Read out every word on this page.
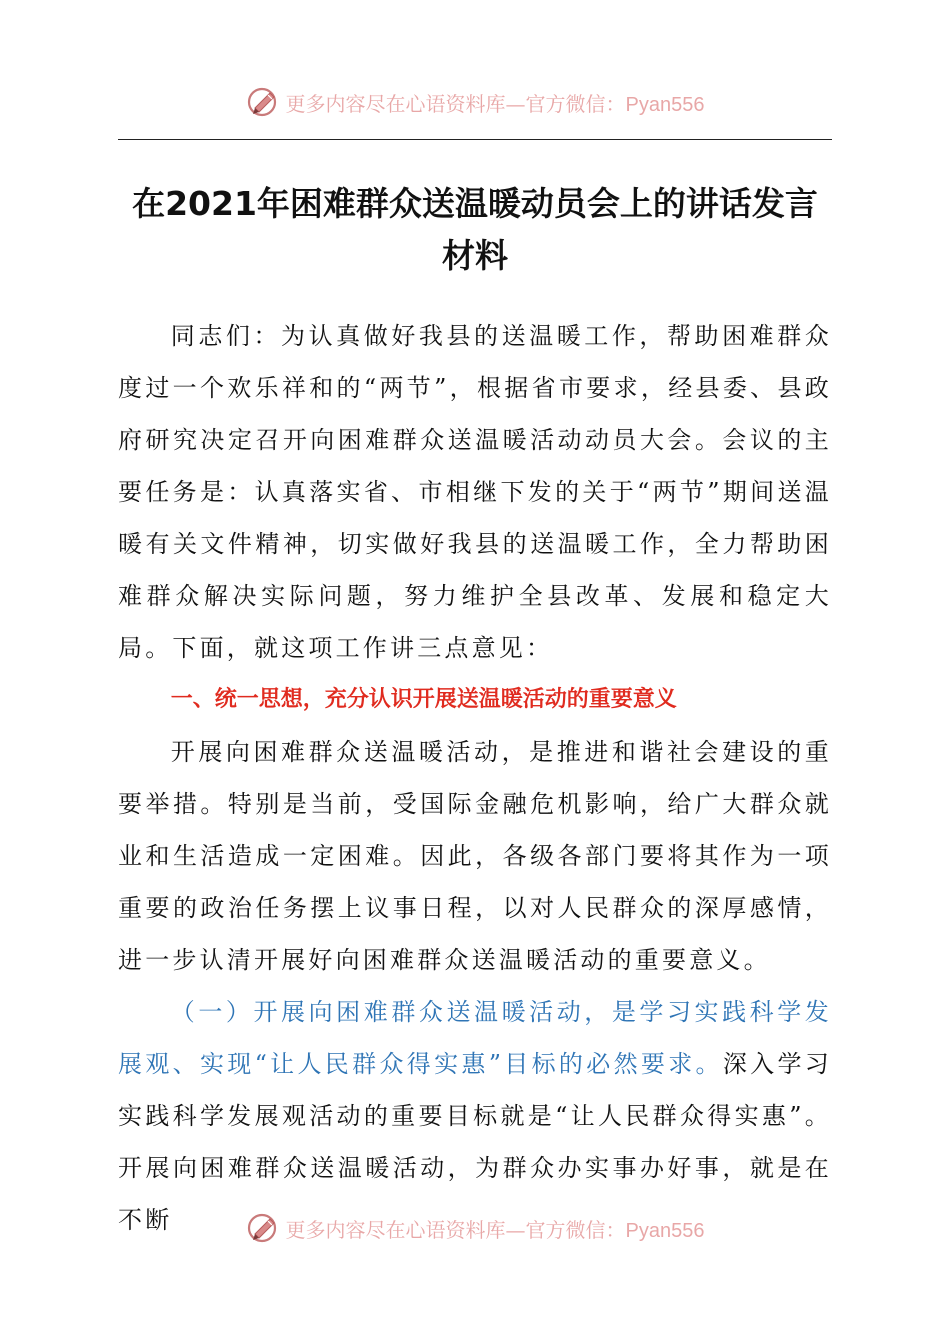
更多内容尽在心语资料库—官方微信：Pyan556
在2021年困难群众送温暖动员会上的讲话发言材料

同志们：为认真做好我县的送温暖工作，帮助困难群众度过一个欢乐祥和的“两节”，根据省市要求，经县委、县政府研究决定召开向困难群众送温暖活动动员大会。会议的主要任务是：认真落实省、市相继下发的关于“两节”期间送温暖有关文件精神，切实做好我县的送温暖工作，全力帮助困难群众解决实际问题，努力维护全县改革、发展和稳定大局。下面，就这项工作讲三点意见：

一、统一思想，充分认识开展送温暖活动的重要意义

开展向困难群众送温暖活动，是推进和谐社会建设的重要举措。特别是当前，受国际金融危机影响，给广大群众就业和生活造成一定困难。因此，各级各部门要将其作为一项重要的政治任务摆上议事日程，以对人民群众的深厚感情，进一步认清开展好向困难群众送温暖活动的重要意义。

（一）开展向困难群众送温暖活动，是学习实践科学发展观、实现“让人民群众得实惠”目标的必然要求。深入学习实践科学发展观活动的重要目标就是“让人民群众得实惠”。开展向困难群众送温暖活动，为群众办实事办好事，就是在不断	更多内容尽在心语资料库—官方微信：Pyan556
